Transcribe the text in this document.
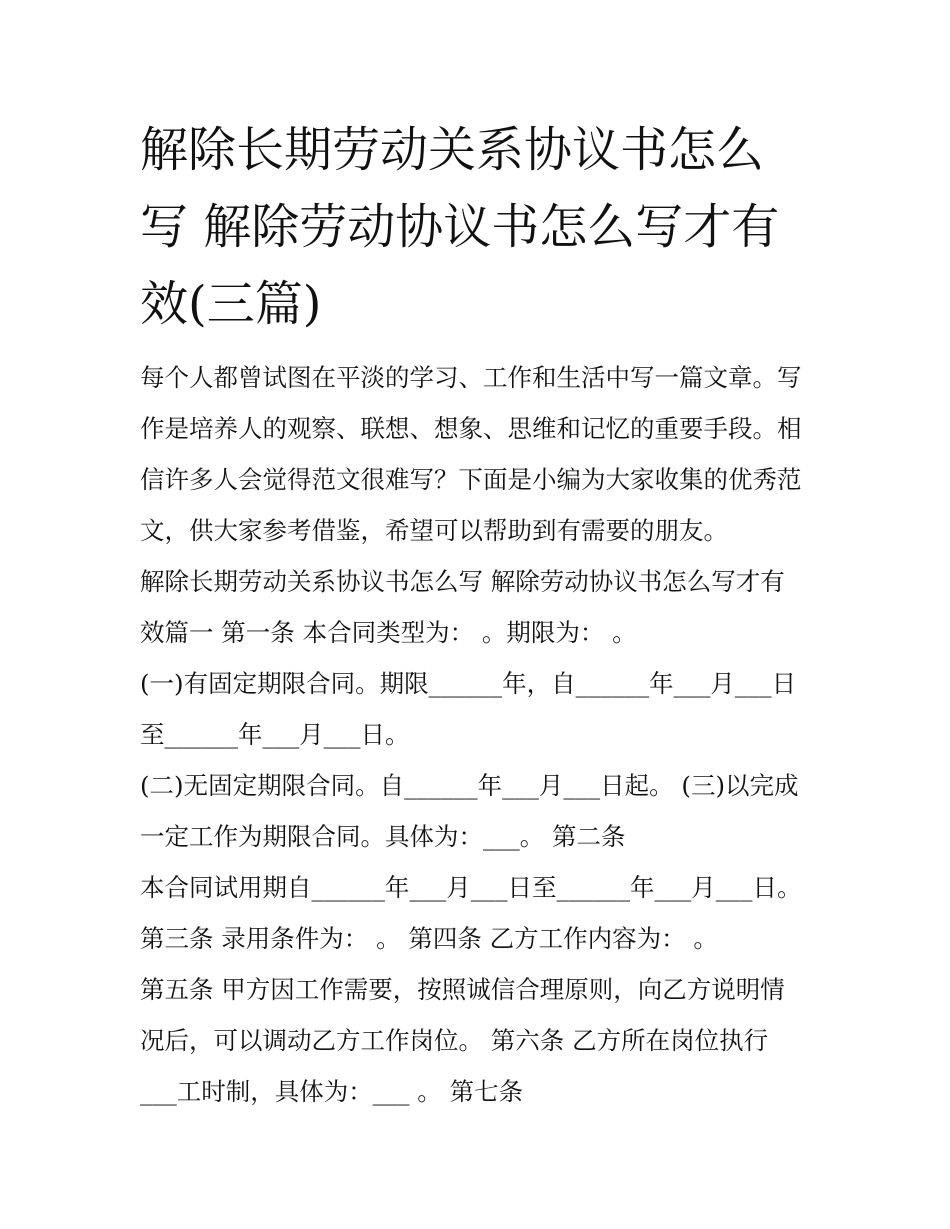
解除长期劳动关系协议书怎么
写 解除劳动协议书怎么写才有
效(三篇)
每个人都曾试图在平淡的学习、工作和生活中写一篇文章。写
作是培养人的观察、联想、想象、思维和记忆的重要手段。相
信许多人会觉得范文很难写？下面是小编为大家收集的优秀范
文，供大家参考借鉴，希望可以帮助到有需要的朋友。
解除长期劳动关系协议书怎么写 解除劳动协议书怎么写才有
效篇一 第一条 本合同类型为： 。期限为： 。
(一)有固定期限合同。期限______年，自______年___月___日
至______年___月___日。
(二)无固定期限合同。自______年___月___日起。 (三)以完成
一定工作为期限合同。具体为：___。 第二条
本合同试用期自______年___月___日至______年___月___日。
第三条 录用条件为： 。 第四条 乙方工作内容为： 。
第五条 甲方因工作需要，按照诚信合理原则，向乙方说明情
况后，可以调动乙方工作岗位。 第六条 乙方所在岗位执行
___工时制，具体为：___ 。 第七条
